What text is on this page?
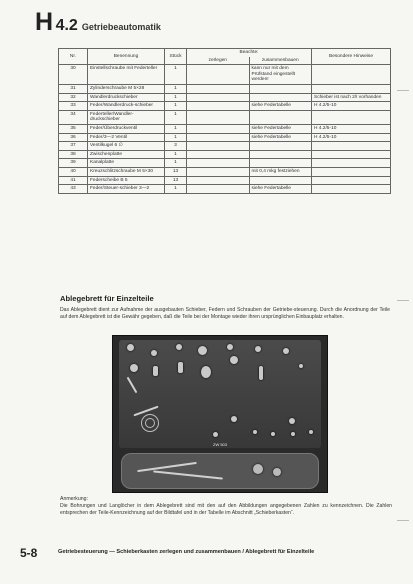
H 4.2 Getriebeautomatik
Nr.	Benennung	Stück	Beachte:		Besondere Hinweise
			zerlegen	zusammenbauen	
30	Einstellschraube mit Federteller	1		kann nur mit dem Prüfstand eingestellt werden!	
31	Zylinderschraube M 5×28	1			
32	Wandlerdruckschieber	1			Schieber ist nach 2/I vorhanden
33	Feder/Wandlerdruck-schieber	1		siehe Federtabelle	H 4.2/5-10
34	Federteller/Wandler-druckschieber	1			
35	Feder/Überdruckventil	1		siehe Federtabelle	H 4.2/5-10
36	Feder/3—2 Ventil	1		siehe Federtabelle	H 4.2/5-10
37	Ventilkugel 6 ∅	3			
38	Zwischenplatte	1			
39	Kanalplatte	1			
40	Kreuzschlitzschraube M 5×30	13		mit 0,4 mkg festziehen	
41	Federscheibe B 5	13			
43	Feder/Steuer-schieber 3—2	1		siehe Federtabelle	
Ablegebrett für Einzelteile
Das Ablegebrett dient zur Aufnahme der ausgebauten Schieber, Federn und Schrauben der Getriebe-steuerung. Durch die Anordnung der Teile auf dem Ablegebrett ist die Gewähr gegeben, daß die Teile bei der Montage wieder ihren ursprünglichen Einbauplatz erhalten.
ZW 503
Anmerkung:
Die Bohrungen und Langlöcher in dem Ablegebrett sind mit den auf den Abbildungen angegebenen Zahlen zu kennzeichnen. Die Zahlen entsprechen der Teile-Kennzeichnung auf der Bildtafel und in der Tabelle im Abschnitt „Schieberkasten“.
5-8	Getriebesteuerung — Schieberkasten zerlegen und zusammenbauen / Ablegebrett für Einzelteile
